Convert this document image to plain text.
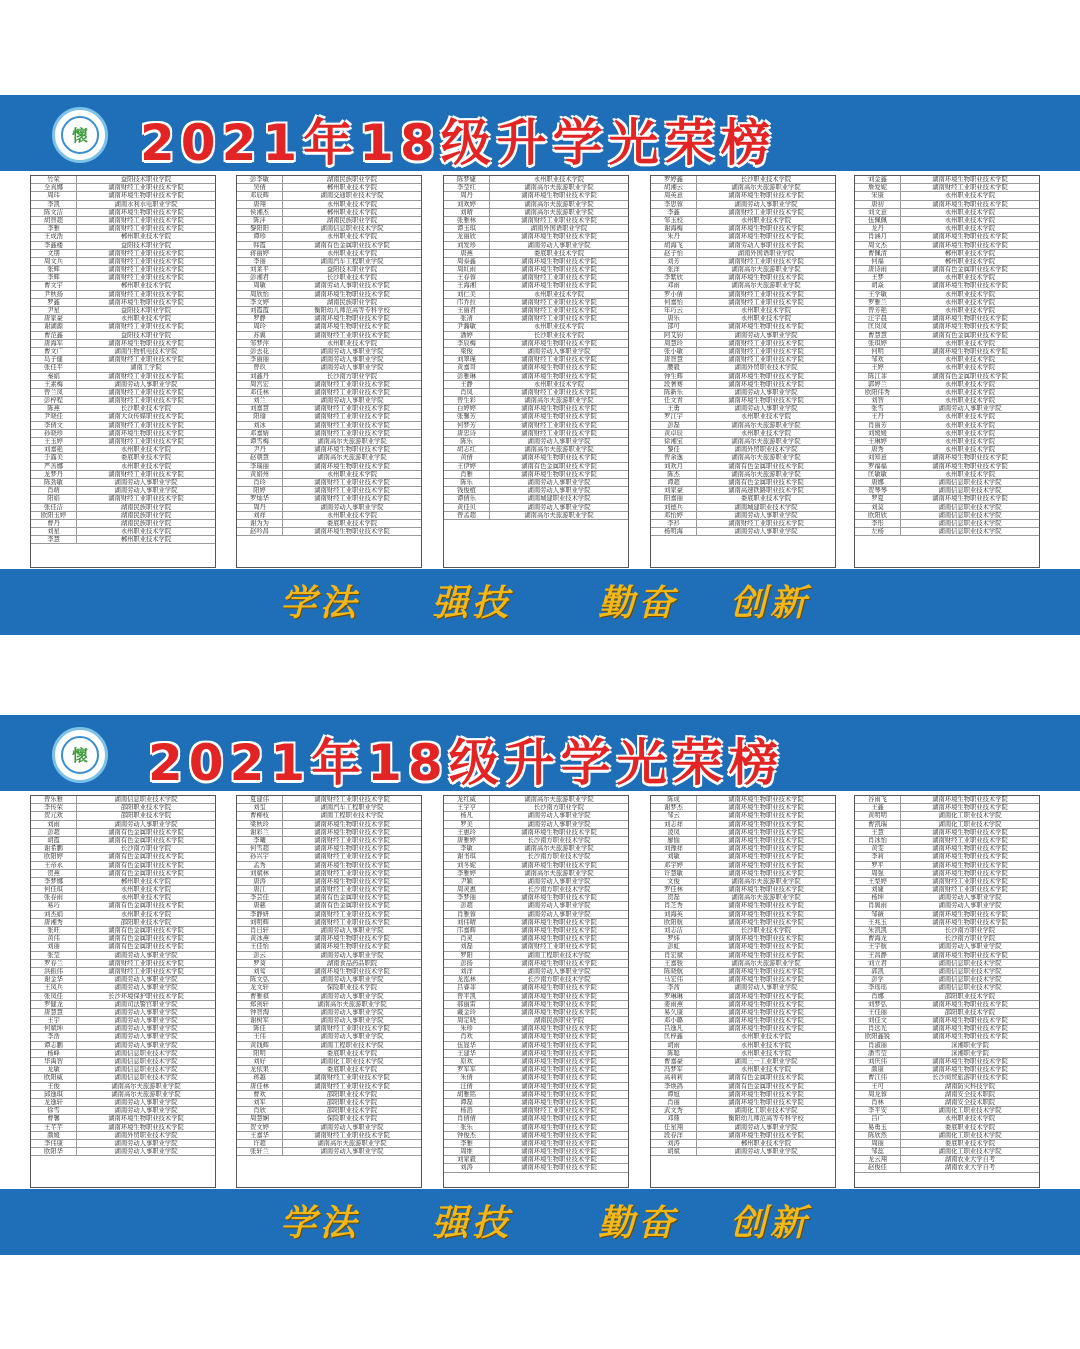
懷	2021年18级升学光荣榜
竹荣	益阳技术职业学院
全真娜	湖南财经工业职业技术学院
周玮	湖南环境生物职业技术学院
李凯	湖南水利水电职业学院
陈文洁	湖南环境生物职业技术学院
胡智超	湖南财经工业职业技术学院
李雅	湖南财经工业职业技术学院
王成浩	郴州职业技术学院
李鑫楼	益阳技术职业学院
文朋	湖南财经工业职业技术学院
周文兵	湖南财经工业职业技术学院
张辉	湖南财经工业职业技术学院
李辉	湖南财经工业职业技术学院
曹文宇	郴州职业技术学院
尹秋扬	湖南财经工业职业技术学院
罗鑫	湖南环境生物职业技术学院
尹星	益阳技术职业学院
唐家豪	永州职业技术学院
谢湖源	湖南财经工业职业技术学院
曹范鑫	益阳技术职业学院
唐海军	湖南环境生物职业技术学院
曹文广	湖南生物机电技术学院
岛子健	湖南财经工业职业技术学院
张佳平	湖南工学院
秦娟	湖南财经工业职业技术学院
王素梅	湖南劳动人事职业学院
曾兰凤	湖南财经工业职业技术学院
彭梓程	湖南财经工业职业技术学院
陈燕	长沙职业技术学院
尹晓佳	湖南大众传媒职业技术学院
李倩文	湖南财经工业职业技术学院
孙晓珍	湖南环境生物职业技术学院
王玉婷	湖南财经工业职业技术学院
刘嘉艳	永州职业技术学院
于露美	娄底职业技术学院
严善娜	永州职业技术学院
龙梦丹	湖南财经工业职业技术学院
陈劲敏	湖南劳动人事职业学院
肖萌	湖南劳动人事职业学院
阳娟	湖南财经工业职业技术学院
张佳洁	湖南民族职业学院
欧阳玉婷	湖南民族职业学院
曹丹	湖南民族职业学院
刘星	永州职业技术学院
李慧	郴州职业技术学院
彭李敏	湖南民族职业学院
吴倩	郴州职业技术学院
邓辰辉	湖南交通职业技术学院
唐翔	永州职业技术学院
侯湘杰	郴州职业技术学院
陈沣	湖南民族职业学院
黎阳阳	湖南信息职业技术学院
谭珍	永州职业技术学院
韩霞	湖南有色金属职业技术学院
蒋丽婷	永州职业技术学院
李丽	湖南汽车工程职业学院
刘莱平	益阳技术职业学院
彭湘君	长沙职业技术学院
周敏	湖南劳动人事职业技术学院
周欣怡	湖南环境生物职业技术学院
李文婷	湖南民族职业学院
刘霞霞	衡阳幼儿师范高等专科学校
罗静	湖南环境生物职业技术学院
周玲	湖南环境生物职业技术学院
苏翼	湖南财经工业职业技术学院
邹梦萍	永州职业技术学院
彭去花	湖南劳动人事职业学院
李丽丽	湖南劳动人事职业学院
曾玖	湖南劳动人事职业学院
刘鑫丹	长沙南方职业学院
周宫宏	湖南财经工业职业技术学院
邓佳林	湖南财经工业职业技术学院
刘兰	湖南劳动人事职业学院
刘嘉慧	湖南财经工业职业技术学院
阳瑜	湖南财经工业职业技术学院
刘冰	湖南财经工业职业技术学院
邓嘉婧	湖南财经工业职业技术学院
谭雪梅	湖南高尔夫旅游职业学院
尹丹	湖南环境生物职业技术学院
赵朝慧	湖南高尔夫旅游职业学院
李瑞丽	湖南环境生物职业技术学院
黄娟州	永州职业技术学院
肖玲	湖南财经工业职业技术学院
阳婷	湖南财经工业职业技术学院
罗灿华	湖南财经工业职业技术学院
周丹	湖南劳动人事职业学院
刘祥	永州职业技术学院
谢为为	娄底职业技术学院
赵吟昌	湖南环境生物职业技术学院
陈梦婕	永州职业技术学院
李莹红	湖南高尔夫旅游职业学院
周丹	湖南环境生物职业技术学院
刘欢婷	湖南高尔夫旅游职业学院
刘晴	湖南高尔夫旅游职业学院
张雅林	湖南财经工业职业技术学院
谭玉琪	湖南外国语职业学院
龙丽欣	湖南环境生物职业技术学院
刘发珍	湖南劳动人事职业学院
唐燕	娄底职业技术学院
周泰鑫	湖南环境生物职业技术学院
周紅雨	湖南环境生物职业技术学院
王春蓉	湖南财经工业职业技术学院
王海湘	湖南环境生物职业技术学院
刘仁美	永州职业技术学院
邝乔拉	湖南财经工业职业技术学院
王丽君	湖南财经工业职业技术学院
张凊	湖南财经工业职业技术学院
尹瀚敏	永州职业技术学院
潘婷	长沙职业技术学院
李辰梅	湖南环境生物职业技术学院
梁俊	湖南劳动人事职业学院
刘翠瑾	湖南财经工业职业技术学院
黄嘉哥	湖南环境生物职业技术学院
彭雅琳	湖南环境生物职业技术学院
王静	永州职业技术学院
肖凤	湖南财经工业职业技术学院
曾生彩	湖南高尔夫旅游职业学院
白婷婷	湖南环境生物职业技术学院
张馨芳	湖南环境生物职业技术学院
何梦芳	湖南财经工业职业技术学院
唐忠诗	湖南财经工业职业技术学院
陈乐	湖南劳动人事职业学院
胡志红	湖南高尔夫旅游职业学院
黄倩	湖南环境生物职业技术学院
王伊婷	湖南有色金属职业技术学院
肖雅	湖南环境生物职业技术学院
陈乐	湖南劳动人事职业学院
钱俊植	湖南劳动人事职业学院
谭倩乐	湖南城建职业技术学院
黄佳贝	湖南劳动人事职业学院
曾孟超	湖南高尔夫旅游职业学院
罗婷鑫	长沙职业技术学院
胡湘云	湖南高尔夫旅游职业学院
周英意	湖南环境生物职业技术学院
李思蓉	湖南劳动人事职业学院
李鑫	湖南财经工业职业技术学院
邹玉校	永州职业技术学院
谢海梅	湖南环境生物职业技术学院
朱丹	湖南环境生物职业技术学院
胡海飞	湖南劳动人事职业技术学院
赵子怡	湖南外国语职业学院
刘芳	湖南财经工业职业技术学院
张洋	湖南高尔夫旅游职业学院
李紫欣	湖南环境生物职业技术学院
邓雨	湖南高尔夫旅游职业学院
罗小倩	湖南财经工业职业技术学院
何嘉怡	湖南财经工业职业技术学院
年巧云	永州职业技术学院
唐乐	永州职业技术学院
邵可	湖南环境生物职业技术学院
阿艾钧	湖南劳动人事职业学院
周慧玲	湖南财经工业职业技术学院
张小敏	湖南财经工业职业技术学院
唐智慧	湖南财经工业职业技术学院
腰毅	湖南外贸职业技术学院
钟生辉	湖南环境生物职业技术学院
段奢赛	湖南环境生物职业技术学院
陈新乐	湖南劳动人事职业学院
任文青	湖南环境生物职业技术学院
王勇	湖南劳动人事职业学院
罗江宇	永州职业技术学院
彭磊	湖南高尔夫旅游职业学院
黄卓辰	永州职业技术学院
徐湘宝	湖南高尔夫旅游职业学院
黎佳	湖南外贸职业技术学院
曾余逸	湖南高尔夫旅游职业学院
刘欢月	湖南有色金属职业技术学院
陈杰	湖南高尔夫旅游职业学院
谭超	湖南有色金属职业技术学院
刘家豪	湖南高速铁路职业技术学院
阳嘉丽	娄底职业技术学院
刘德兵	湖南城建职业技术学院
邓怡婷	湖南劳动人事职业学院
李衫	湖南财经工业职业技术学院
杨明海	湖南劳动人事职业学院
刘金鑫	湖南环境生物职业技术学院
詹爱妮	湖南财经工业职业技术学院
宋康	永州职业技术学院
唐初	湖南环境生物职业技术学院
刘文意	永州职业技术学院
伍佩佩	永州职业技术学院
龙丹	永州职业技术学院
肖涵月	湖南环境生物职业技术学院
周文杰	湖南环境生物职业技术学院
曹佩清	郴州职业技术学院
何福	郴州职业技术学院
唐诗雨	湖南有色金属职业技术学院
王梦	永州职业技术学院
胡焱	湖南环境生物职业技术学院
王学敏	永州职业技术学院
罗雅兰	永州职业技术学院
曾芳艳	永州职业技术学院
汪宇晨	湖南环境生物职业技术学院
匡岚凤	湖南环境生物职业技术学院
曹慧慧	湖南有色金属职业技术学院
张琪婷	永州职业技术学院
何明	湖南环境生物职业技术学院
邹欢	永州职业技术学院
王婷	永州职业技术学院
陈江菲	湖南有色金属职业技术学院
郭婷兰	永州职业技术学院
欧阳伟秀	永州职业技术学院
刘智	永州职业技术学院
张雪	湖南劳动人事职业学院
王丹	永州职业技术学院
肖丽芳	永州职业技术学院
刘媛媛	永州职业技术学院
王琳婷	永州职业技术学院
唐秀	永州职业技术学院
刘知意	湖南环境生物职业技术学院
罗福福	湖南环境生物职业技术学院
匡敏敏	永州职业技术学院
唐娜	湖南信息职业技术学院
贺琴琴	湖南信息职业技术学院
罗夏	湖南环境生物职业技术学院
刘莫	湖南信息职业技术学院
欧阳欣	湖南信息职业技术学院
李彤	湖南信息职业技术学院
左杨	湖南信息职业技术学院
学法 强技 勤奋 创新
懷	2021年18级升学光荣榜
曾乐雅	湖南信息职业技术学院
李传荣	邵阳职业技术学院
贺元欢	邵阳职业技术学院
刘雨	湖南劳动人事职业学院
彭超	湖南有色金属职业技术学院
胡霞	湖南有色金属职业技术学院
谢希鹏	长沙南方职业学院
欧阳婷	湖南有色金属职业技术学院
王帝永	湖南有色金属职业技术学院
贺燕	湖南有色金属职业技术学院
李梦娜	郴州职业技术学院
何佳琪	永州职业技术学院
张春雨	永州职业技术学院
易巧	湖南有色金属职业技术学院
刘杰娟	永州职业技术学院
唐湘秀	邵阳职业技术学院
张旺	湖南有色金属职业技术学院
黄伟	湖南有色金属职业技术学院
刘丽	湖南有色金属职业技术学院
张莹	湖南劳动人事职业学院
罗春兰	湖南财经工业职业技术学院
洪振伟	湖南财经工业职业技术学院
谢金华	湖南劳动人事职业学院
王凤兵	湖南劳动人事职业学院
张凤佳	长沙环境保护职业技术学院
罗健龙	湖南司法警官职业学院
唐慧慧	湖南劳动人事职业学院
王宇	湖南劳动人事职业学院
何斌坤	湖南劳动人事职业学院
李浩	湖南劳动人事职业学院
谭志鹏	湖南劳动人事职业学院
杨峰	湖南信息职业技术学院
华禹智	湖南信息职业技术学院
龙敏	湖南信息职业技术学院
欧阳威	湖南信息职业技术学院
王俊	湖南高尔夫旅游职业学院
邱逸琪	湖南高尔夫旅游职业学院
龙逸轩	湖南劳动人事职业学院
徐雪	湖南劳动人事职业学院
曹馨	湖南环境生物职业技术学院
王芊芊	湖南环境生物职业技术学院
颜媛	湖南外贸职业技术学院
李伟康	湖南劳动人事职业学院
欧阳华	湖南劳动人事职业学院
夏建伟	湖南财经工业职业技术学院
刘玺	湖南汽车工程职业学院
曹柳枝	湖南工程职业技术学院
梁秋玲	湖南环境生物职业技术学院
谢彩兰	湖南环境生物职业技术学院
李曦	湖南财经工业职业技术学院
何雪超	湖南环境生物职业技术学院
孙兴宇	湖南财经工业职业技术学院
孟秀	湖南环境生物职业技术学院
刘斌林	湖南财经工业职业技术学院
唐涛	湖南环境生物职业技术学院
唐江	湖南财经工业职业技术学院
李芸佳	湖南有色金属职业技术学院
唐慈	湖南有色金属职业技术学院
李静妍	湖南财经工业职业技术学院
刘明辉	湖南财经工业职业技术学院
肖日轩	湖南劳动人事职业学院
黄冰燕	湖南环境生物职业技术学院
王佳怡	湖南环境生物职业技术学院
彭云	湖南劳动人事职业学院
罗葵	湖南食品药品职院
刘莺	湖南环境生物职业技术学院
陈文弘	湖南劳动人事职业学院
龙文轩	保险职业技术学院
曹雅祺	湖南劳动人事职业学院
郑剑轩	湖南高尔夫旅游职业学院
钟智淘	湖南劳动人事职业学院
谢树军	湖南劳动人事职业学院
陈佳	湖南财经工业职业技术学院
王伟	湖南劳动人事职业学院
黄钱辉	湖南工程职业技术学院
阳明	娄底职业技术学院
刘好	湖南化工职业技术学院
龙依果	娄底职业技术学院
蒋越	湖南财经工业职业技术学院
唐佳林	湖南财经工业职业技术学院
曹欢	邵阳职业技术学院
刘军	邵阳职业技术学院
肖欣	邵阳职业技术学院
周慧娴	保险职业技术学院
贺文婷	湖南劳动人事职业学院
王嘉华	湖南财经工业职业技术学院
许超	湖南高尔夫旅游职业学院
张轩兰	湖南劳动人事职业学院
龙红威	湖南高尔夫旅游职业学院
王宇亨	长沙南方职业学院
杨凡	湖南劳动人事职业学院
罗美	湖南劳动人事职业学院
王惠玲	湖南环境生物职业技术学院
唐雅婷	长沙南方职业技术学院
李敏	湖南高尔夫旅游职业学院
谢书琪	长沙南方职业技术学院
刘冬妮	湖南环境生物职业技术学院
李雅婷	湖南高尔夫旅游职业学院
尹颖	湖南劳动人事职业学院
周灵惠	长沙南方职业技术学院
李梦丽	湖南环境生物职业技术学院
彭超	湖南劳动人事职业学院
肖雅蓉	湖南劳动人事职业学院
刘伟晴	湖南环境生物职业技术学院
邝嘉辉	湖南环境生物职业技术学院
肖灵	湖南环境生物职业技术学院
刘磊	湖南财经工业职业技术学院
罗阳	湖南工程职业技术学院
彭扬	湖南环境生物职业技术学院
刘洋	湖南劳动人事职业学院
龙泓林	长沙南方职业技术学院
吕睿菲	湖南环境生物职业技术学院
曾平凯	湖南环境生物职业技术学院
郝丽雷	湖南环境生物职业技术学院
戴金玲	湖南环境生物职业技术学院
周定晓	湖南民族职业学院
朱珍	湖南环境生物职业技术学院
肖欢	湖南环境生物职业技术学院
伍显华	湖南环境生物职业技术学院
王建华	湖南环境生物职业技术学院
原欢	湖南环境生物职业技术学院
罗军军	湖南环境生物职业技术学院
朱倩	湖南环境生物职业技术学院
汪倩	湖南环境生物职业技术学院
胡雅铭	湖南环境生物职业技术学院
谭磊	湖南环境生物职业技术学院
杨滔	湖南财经工业职业技术学院
肖倩倩	湖南环境生物职业技术学院
张乐	湖南环境生物职业技术学院
钟俊杰	湖南环境生物职业技术学院
李雅	湖南环境生物职业技术学院
周维	湖南环境生物职业技术学院
刘家毅	湖南环境生物职业技术学院
刘涛	湖南环境生物职业技术学院
陈成	湖南环境生物职业技术学院
谢梦杰	湖南环境生物职业技术学院
邹云	湖南环境生物职业技术学院
刘志祥	湖南环境生物职业技术学院
凌凤	湖南环境生物职业技术学院
廖愉	湖南环境生物职业技术学院
刘豫祥	湖南环境生物职业技术学院
刘敏	湖南环境生物职业技术学院
邓宇婷	湖南环境生物职业技术学院
许慧敏	湖南环境生物职业技术学院
文俊	湖南高尔夫旅游职业学院
罗佳林	湖南环境生物职业技术学院
贺磊	湖南高尔夫旅游职业学院
肖芝秀	湖南环境生物职业技术学院
刘海英	湖南环境生物职业技术学院
欧阳航	湖南环境生物职业技术学院
刘志洁	长沙职业技术学院
罗炜	湖南环境生物职业技术学院
彭虹	湖南环境生物职业技术学院
肖宏斌	湖南环境生物职业技术学院
王嘉骏	湖南高尔夫旅游职业学院
陈晓航	湖南环境生物职业技术学院
马宏伟	湖南环境生物职业技术学院
李茜	湖南劳动人事职业学院
罗琳琳	湖南环境生物职业技术学院
姜雨燕	湖南环境生物职业技术学院
易久康	湖南环境生物职业技术学院
邓小璐	湖南环境生物职业技术学院
吕逸凡	湖南环境生物职业技术学院
匡梓鑫	永州职业技术学院
胡雨	永州职业技术学院
陈聪	永州职业技术学院
曹嘉豪	湖南三一工业职业学院
冯梦军	永州职业技术学院
高莉莉	湖南有色金属职业技术学院
李焕鸽	湖南有色金属职业技术学院
谭旭	湖南环境生物职业技术学院
肖丽	湖南环境生物职业技术学院
武文秀	湖南化工职业技术学院
邓鼎	衡阳幼儿师范高等专科学校
任星翔	湖南劳动人事职业学院
段春洋	湖南环境生物职业技术学院
刘涛	郴州职业技术学院
胡斌	湖南劳动人事职业学院
谷雨飞	湖南环境生物职业技术学院
王鑫	湖南环境生物职业技术学院
黄明明	湖南化工职业技术学院
曹凯瑞	湖南化工职业技术学院
王慧	湖南环境生物职业技术学院
肖冰怡	湖南财经工业职业技术学院
黄雯	湖南环境生物职业技术学院
李莉	湖南环境生物职业技术学院
罗平	湖南环境生物职业技术学院
周强	湖南环境生物职业技术学院
王梨婷	湖南财经工业职业技术学院
刘婕	湖南财经工业职业技术学院
杨坤	湖南劳动人事职业学院
肖翼雨	湖南劳动人事职业学院
邹薇	湖南环境生物职业技术学院
王兆玉	湖南环境生物职业技术学院
朱凯凯	长沙南方职业学院
曹海龙	长沙南方职业学院
王宇航	湖南劳动人事职业学院
王昌静	湖南环境生物职业技术学院
刘立君	湖南信息职业技术学院
郭凯	湖南信息职业技术学院
彭学	湖南信息职业技术学院
李瑶瑶	湖南信息职业技术学院
肖娜	邵阳职业技术学院
刘梦弘	湖南环境生物职业技术学院
王佳丽	邵阳职业技术学院
刘佳文	湖南环境生物职业技术学院
肖远光	湖南环境生物职业技术学院
欧阳鑫锐	湖南环境生物职业技术学院
肖淑丽	涞湘职业学院
潘雪莹	涞湘职业学院
刘庆伟	湖南环境生物职业技术学院
颜康	湖南环境生物职业技术学院
曹江伟	长沙商贸旅游职业技术学院
王可	湖南防灾科技学院
周龙蓉	湖南安全技术职院
肖林	湖南安全技术职院
李平安	湖南化工职业技术学院
吕广	永州职业技术学院
易勇玉	娄底职业技术学院
陈欣然	湖南化工职业技术学院
周丽	娄底职业技术学院
邹蕊	湖南化工职业技术学院
龙云翔	湖南农业大学自考
赵俊佳	湖南农业大学自考
学法 强技 勤奋 创新
